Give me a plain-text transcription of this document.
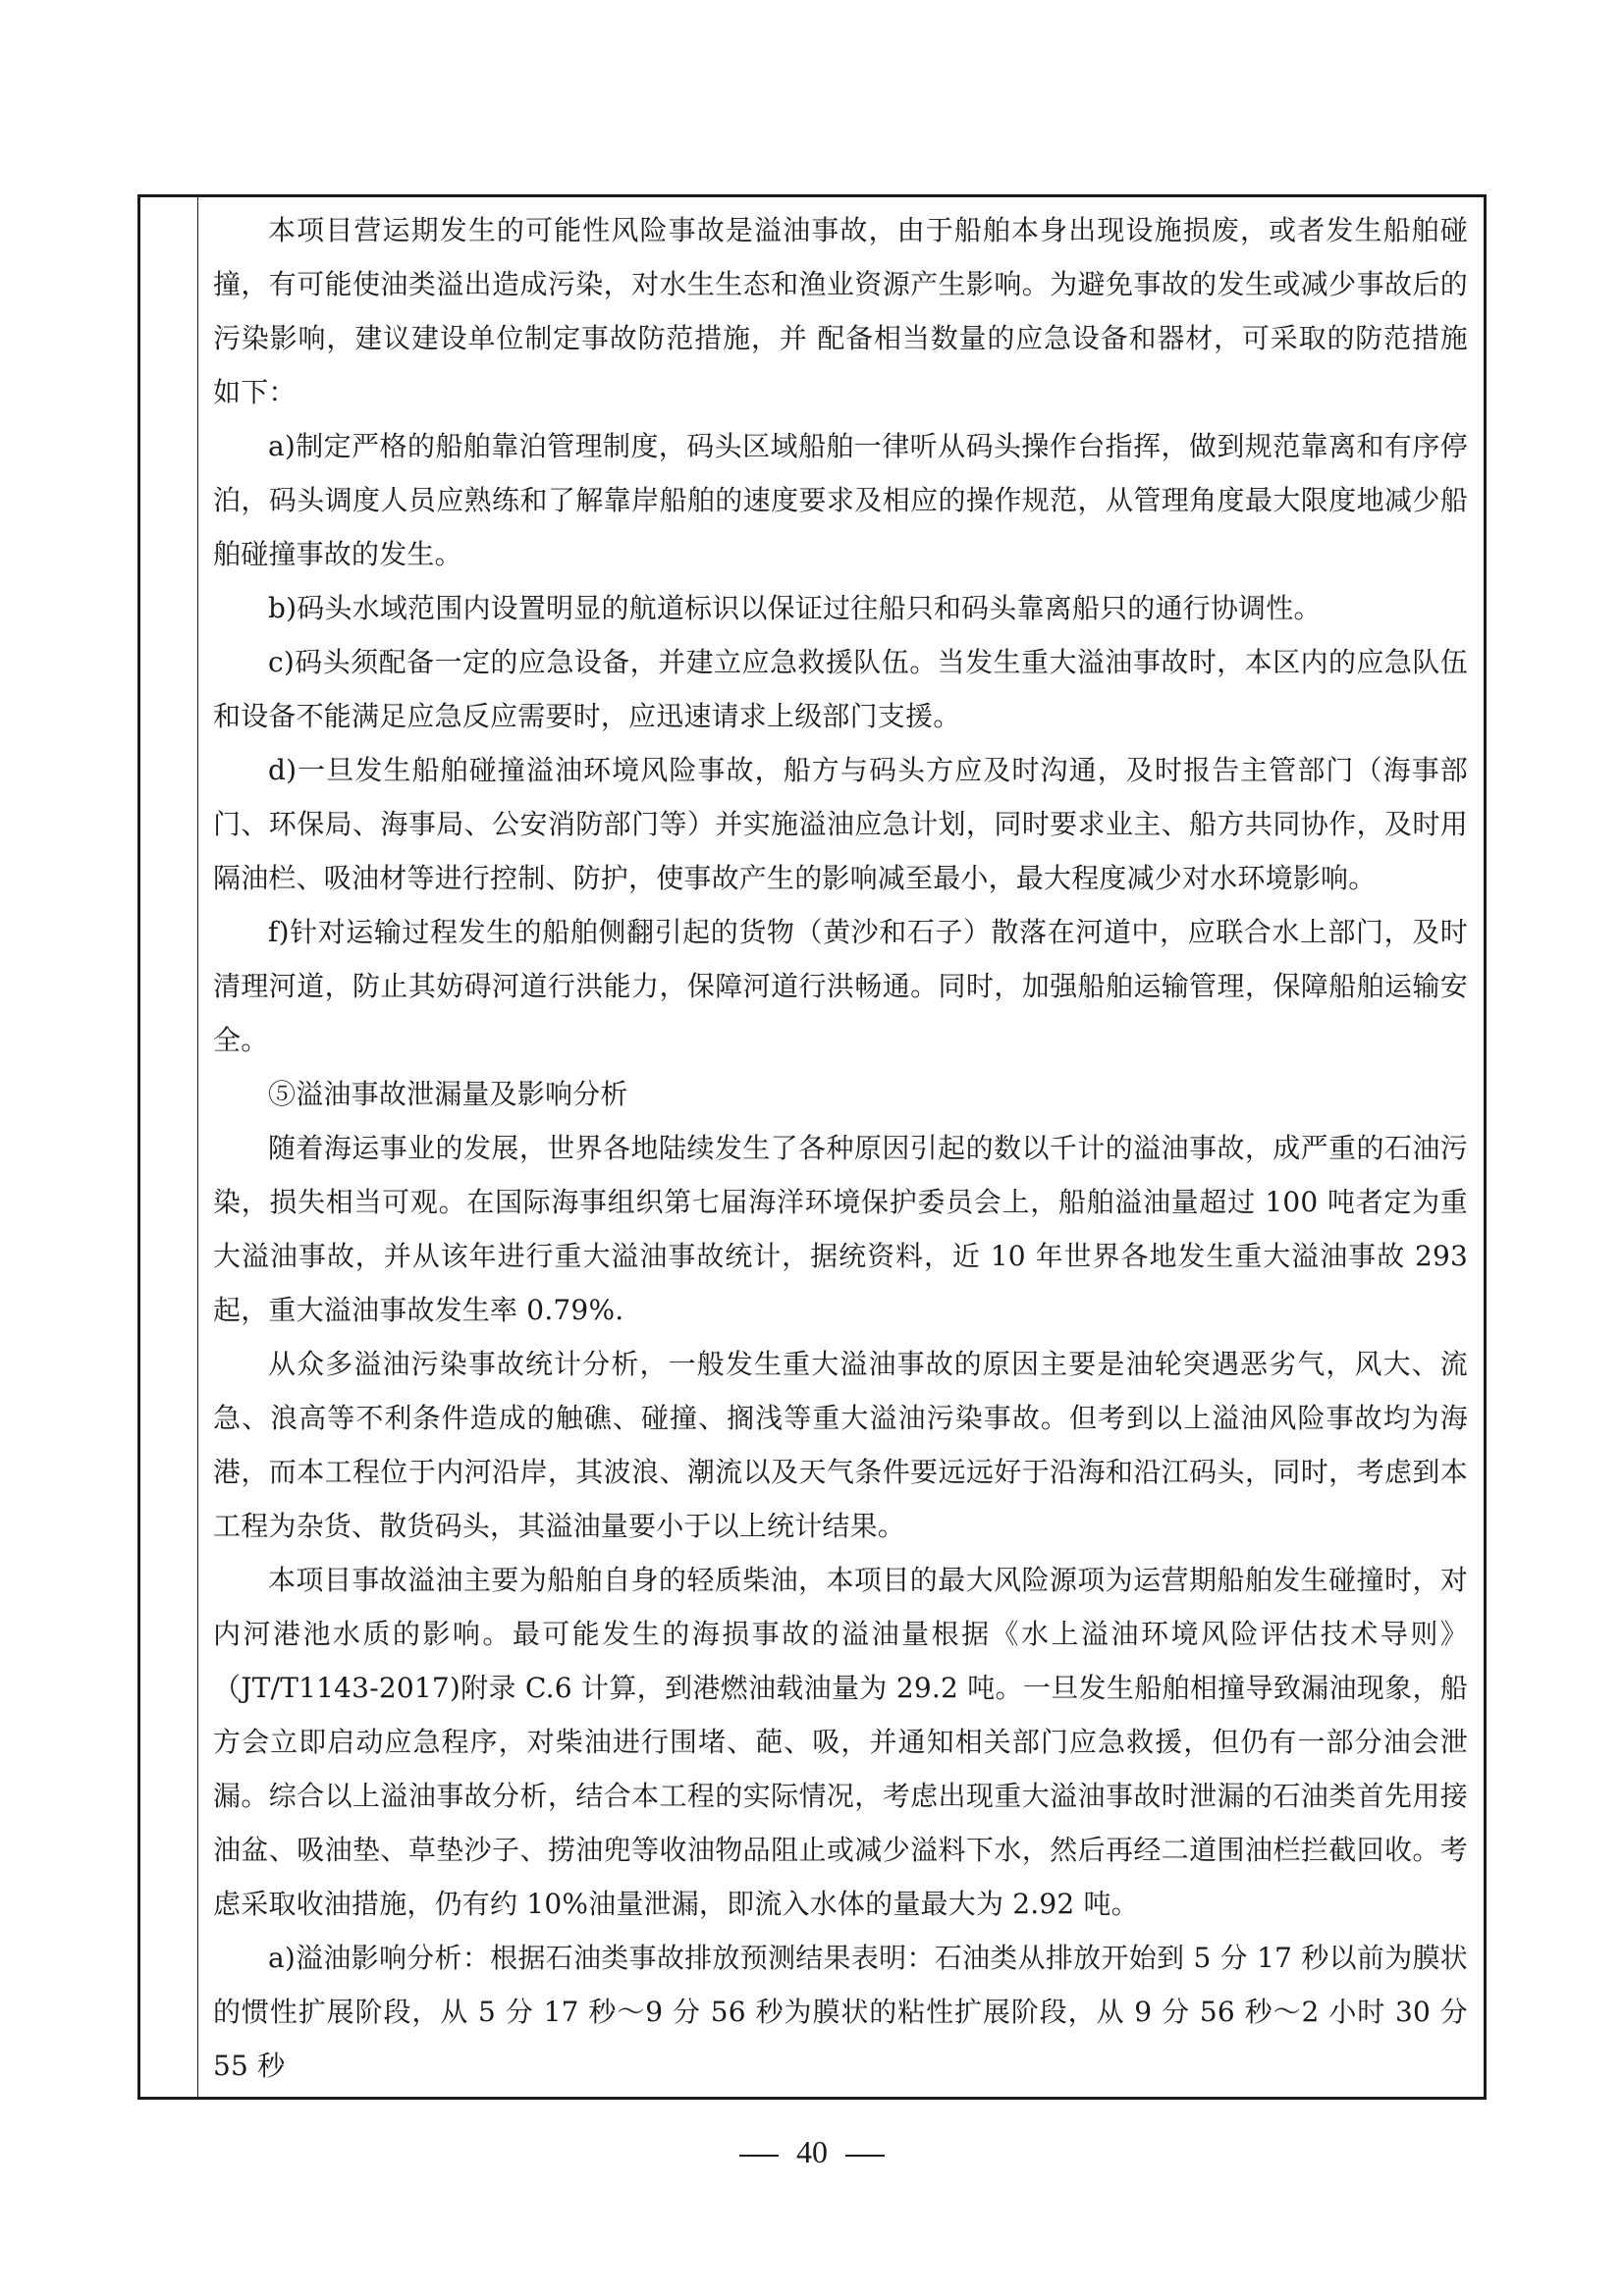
本项目营运期发生的可能性风险事故是溢油事故，由于船舶本身出现设施损废，或者发生船舶碰撞，有可能使油类溢出造成污染，对水生生态和渔业资源产生影响。为避免事故的发生或减少事故后的污染影响，建议建设单位制定事故防范措施，并 配备相当数量的应急设备和器材，可采取的防范措施如下：

a)制定严格的船舶靠泊管理制度，码头区域船舶一律听从码头操作台指挥，做到规范靠离和有序停泊，码头调度人员应熟练和了解靠岸船舶的速度要求及相应的操作规范，从管理角度最大限度地减少船舶碰撞事故的发生。

b)码头水域范围内设置明显的航道标识以保证过往船只和码头靠离船只的通行协调性。

c)码头须配备一定的应急设备，并建立应急救援队伍。当发生重大溢油事故时，本区内的应急队伍和设备不能满足应急反应需要时，应迅速请求上级部门支援。

d)一旦发生船舶碰撞溢油环境风险事故，船方与码头方应及时沟通，及时报告主管部门（海事部门、环保局、海事局、公安消防部门等）并实施溢油应急计划，同时要求业主、船方共同协作，及时用隔油栏、吸油材等进行控制、防护，使事故产生的影响减至最小，最大程度减少对水环境影响。

f)针对运输过程发生的船舶侧翻引起的货物（黄沙和石子）散落在河道中，应联合水上部门，及时清理河道，防止其妨碍河道行洪能力，保障河道行洪畅通。同时，加强船舶运输管理，保障船舶运输安全。

⑤溢油事故泄漏量及影响分析

随着海运事业的发展，世界各地陆续发生了各种原因引起的数以千计的溢油事故，成严重的石油污染，损失相当可观。在国际海事组织第七届海洋环境保护委员会上，船舶溢油量超过 100 吨者定为重大溢油事故，并从该年进行重大溢油事故统计，据统资料，近 10 年世界各地发生重大溢油事故 293 起，重大溢油事故发生率 0.79%.

从众多溢油污染事故统计分析，一般发生重大溢油事故的原因主要是油轮突遇恶劣气，风大、流急、浪高等不利条件造成的触礁、碰撞、搁浅等重大溢油污染事故。但考到以上溢油风险事故均为海港，而本工程位于内河沿岸，其波浪、潮流以及天气条件要远远好于沿海和沿江码头，同时，考虑到本工程为杂货、散货码头，其溢油量要小于以上统计结果。

本项目事故溢油主要为船舶自身的轻质柴油，本项目的最大风险源项为运营期船舶发生碰撞时，对内河港池水质的影响。最可能发生的海损事故的溢油量根据《水上溢油环境风险评估技术导则》（JT/T1143-2017)附录 C.6 计算，到港燃油载油量为 29.2 吨。一旦发生船舶相撞导致漏油现象，船方会立即启动应急程序，对柴油进行围堵、葩、吸，并通知相关部门应急救援，但仍有一部分油会泄漏。综合以上溢油事故分析，结合本工程的实际情况，考虑出现重大溢油事故时泄漏的石油类首先用接油盆、吸油垫、草垫沙子、捞油兜等收油物品阻止或减少溢料下水，然后再经二道围油栏拦截回收。考虑采取收油措施，仍有约 10%油量泄漏，即流入水体的量最大为 2.92 吨。

a)溢油影响分析：根据石油类事故排放预测结果表明：石油类从排放开始到 5 分 17 秒以前为膜状的惯性扩展阶段，从 5 分 17 秒～9 分 56 秒为膜状的粘性扩展阶段，从 9 分 56 秒～2 小时 30 分 55 秒

40
